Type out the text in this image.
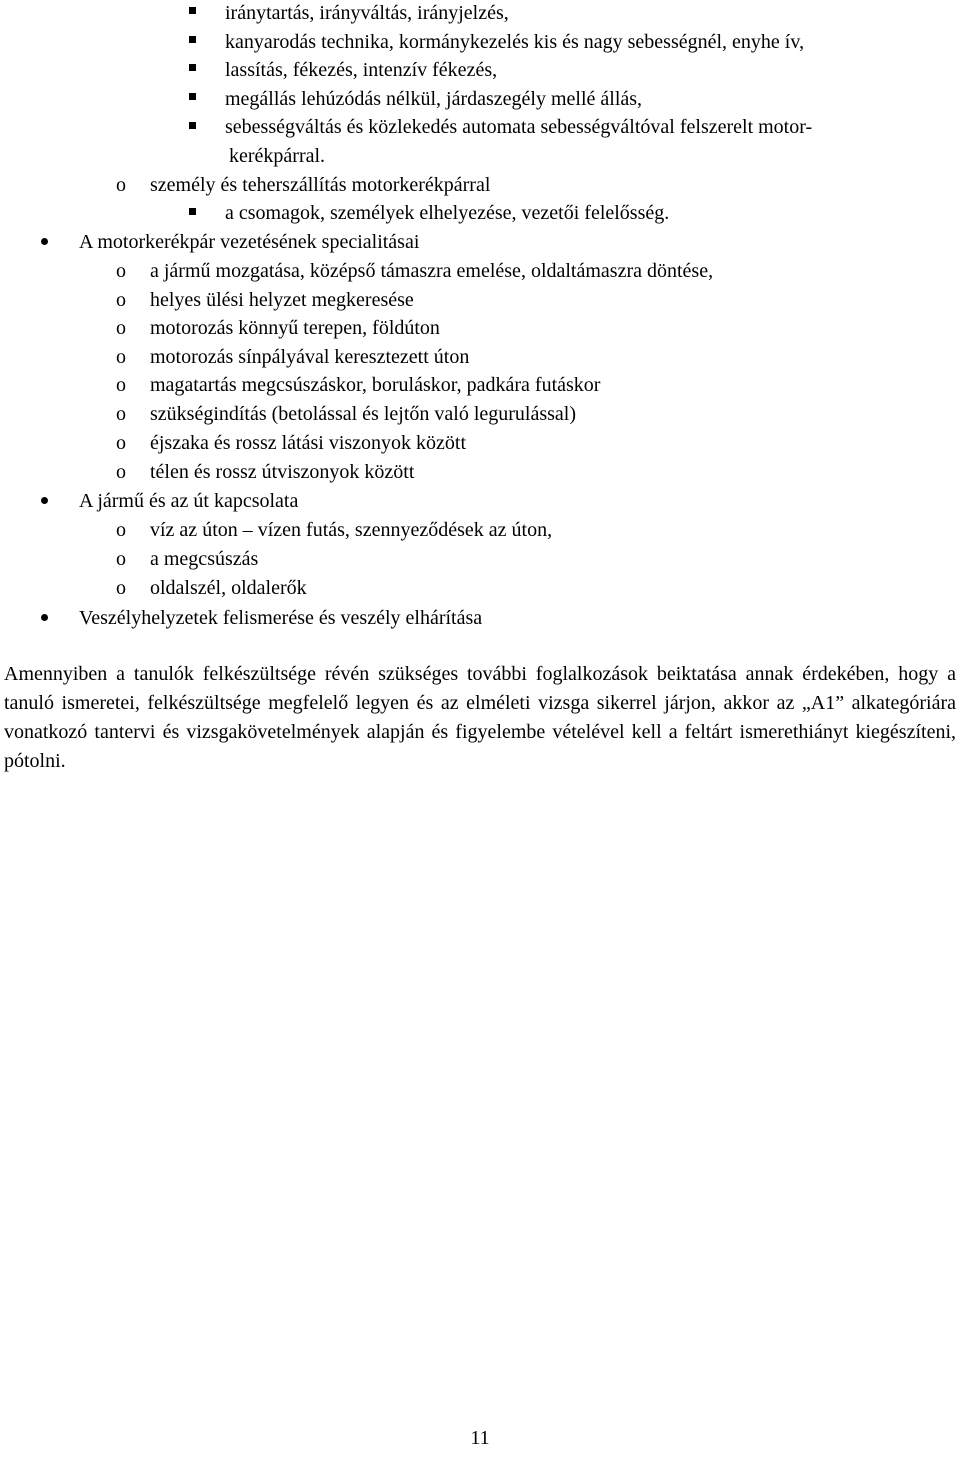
iránytartás, irányváltás, irányjelzés,
kanyarodás technika, kormánykezelés kis és nagy sebességnél, enyhe ív,
lassítás, fékezés, intenzív fékezés,
megállás lehúzódás nélkül, járdaszegély mellé állás,
sebességváltás és közlekedés automata sebességváltóval felszerelt motor-
kerékpárral.
o személy és teherszállítás motorkerékpárral
a csomagok, személyek elhelyezése, vezetői felelősség.
A motorkerékpár vezetésének specialitásai
o a jármű mozgatása, középső támaszra emelése, oldaltámaszra döntése,
o helyes ülési helyzet megkeresése
o motorozás könnyű terepen, földúton
o motorozás sínpályával keresztezett úton
o magatartás megcsúszáskor, boruláskor, padkára futáskor
o szükségindítás (betolással és lejtőn való legurulással)
o éjszaka és rossz látási viszonyok között
o télen és rossz útviszonyok között
A jármű és az út kapcsolata
o víz az úton – vízen futás, szennyeződések az úton,
o a megcsúszás
o oldalszél, oldalerők
Veszélyhelyzetek felismerése és veszély elhárítása
Amennyiben a tanulók felkészültsége révén szükséges további foglalkozások beiktatása annak érdekében, hogy a tanuló ismeretei, felkészültsége megfelelő legyen és az elméleti vizsga sikerrel járjon, akkor az „A1” alkategóriára vonatkozó tantervi és vizsgakövetelmények alapján és figyelembe vételével kell a feltárt ismerethiányt kiegészíteni, pótolni.
11
